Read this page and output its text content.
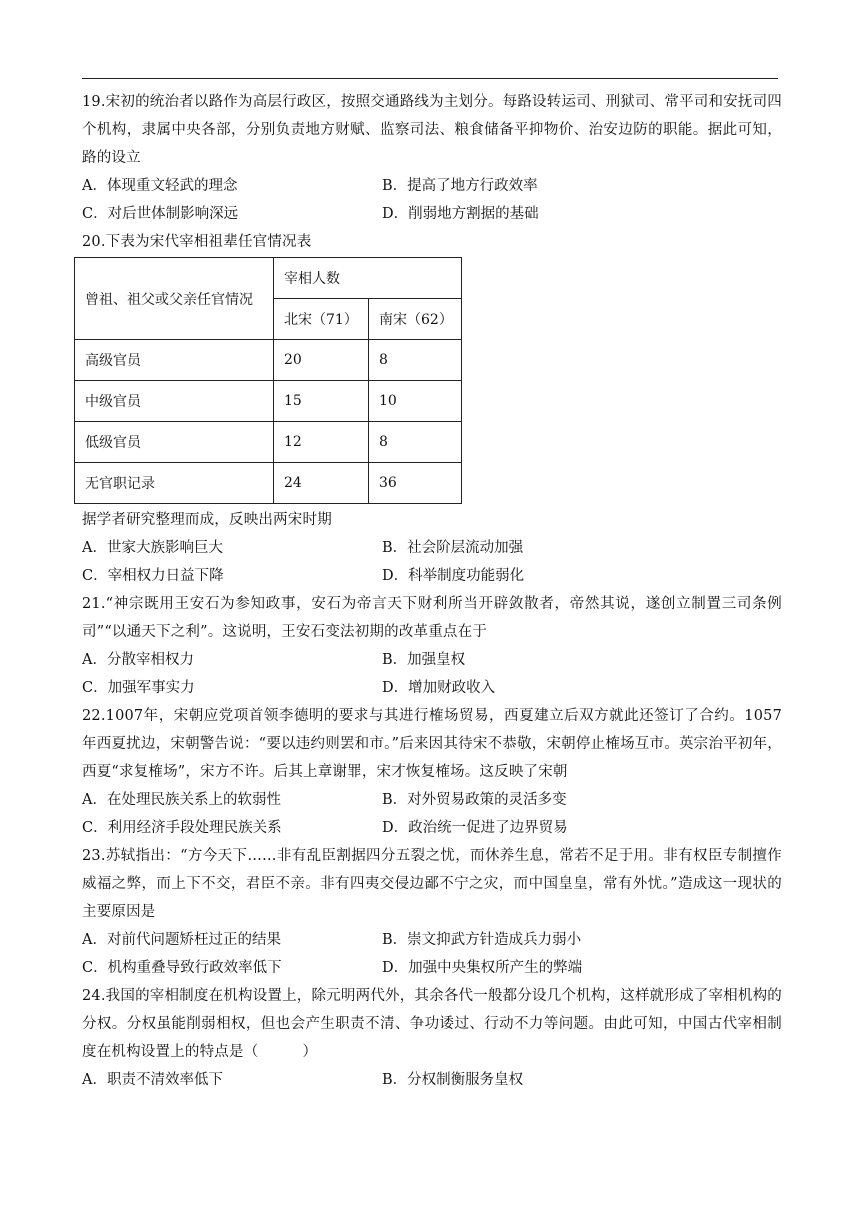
19.宋初的统治者以路作为高层行政区，按照交通路线为主划分。每路设转运司、刑狱司、常平司和安抚司四个机构，隶属中央各部，分别负责地方财赋、监察司法、粮食储备平抑物价、治安边防的职能。据此可知，路的设立

A．体现重文轻武的理念	B．提高了地方行政效率
C．对后世体制影响深远	D．削弱地方割据的基础

20.下表为宋代宰相祖辈任官情况表

曾祖、祖父或父亲任官情况	宰相人数	
	北宋（71）	南宋（62）
高级官员	20	8
中级官员	15	10
低级官员	12	8
无官职记录	24	36

据学者研究整理而成，反映出两宋时期

A．世家大族影响巨大	B．社会阶层流动加强
C．宰相权力日益下降	D．科举制度功能弱化

21.“神宗既用王安石为参知政事，安石为帝言天下财利所当开辟敛散者，帝然其说，遂创立制置三司条例司”“以通天下之利”。这说明，王安石变法初期的改革重点在于

A．分散宰相权力	B．加强皇权
C．加强军事实力	D．增加财政收入

22.1007年，宋朝应党项首领李德明的要求与其进行榷场贸易，西夏建立后双方就此还签订了合约。1057年西夏扰边，宋朝警告说：“要以违约则罢和市。”后来因其待宋不恭敬，宋朝停止榷场互市。英宗治平初年，西夏“求复榷场”，宋方不许。后其上章谢罪，宋才恢复榷场。这反映了宋朝

A．在处理民族关系上的软弱性	B．对外贸易政策的灵活多变
C．利用经济手段处理民族关系	D．政治统一促进了边界贸易

23.苏轼指出：“方今天下……非有乱臣割据四分五裂之忧，而休养生息，常若不足于用。非有权臣专制擅作威福之弊，而上下不交，君臣不亲。非有四夷交侵边鄙不宁之灾，而中国皇皇，常有外忧。”造成这一现状的主要原因是

A．对前代问题矫枉过正的结果	B．崇文抑武方针造成兵力弱小
C．机构重叠导致行政效率低下	D．加强中央集权所产生的弊端

24.我国的宰相制度在机构设置上，除元明两代外，其余各代一般都分设几个机构，这样就形成了宰相机构的分权。分权虽能削弱相权，但也会产生职责不清、争功诿过、行动不力等问题。由此可知，中国古代宰相制度在机构设置上的特点是（　　　）

A．职责不清效率低下	B．分权制衡服务皇权
